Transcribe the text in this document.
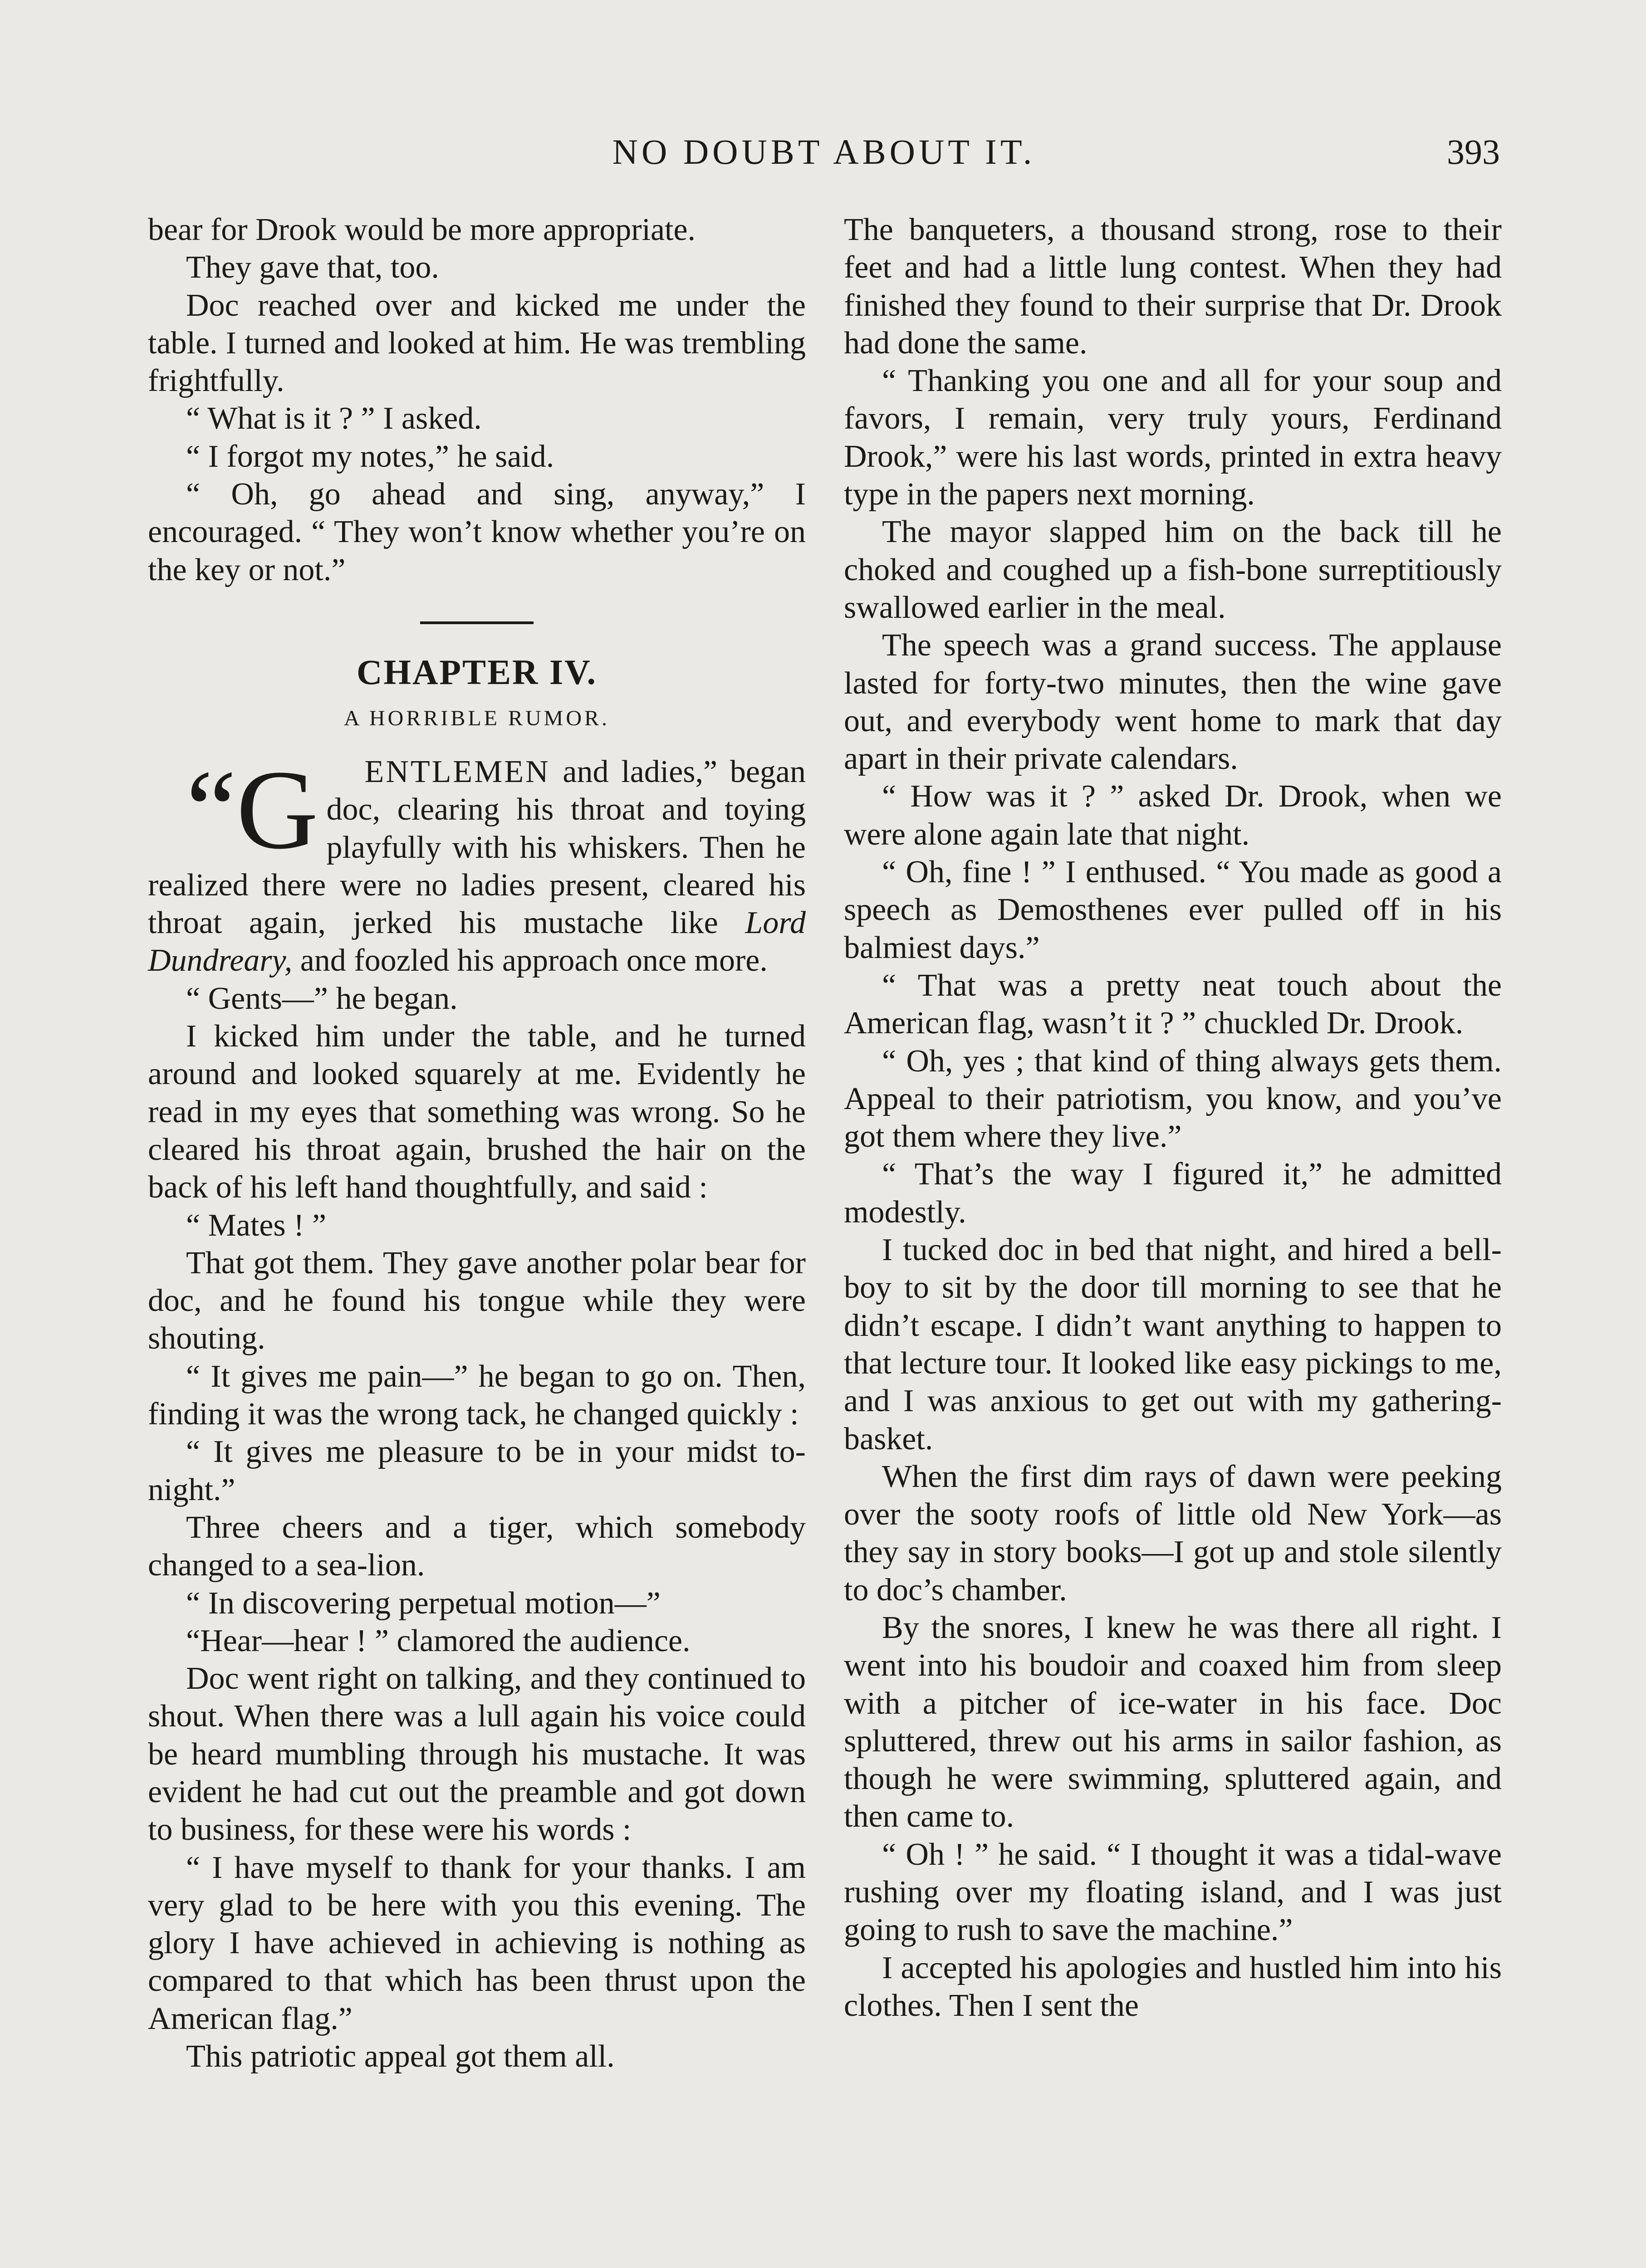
NO DOUBT ABOUT IT.	393

bear for Drook would be more appropriate.

They gave that, too.

Doc reached over and kicked me under the table. I turned and looked at him. He was trembling frightfully.

“ What is it ? ” I asked.

“ I forgot my notes,” he said.

“ Oh, go ahead and sing, anyway,” I encouraged. “ They won’t know whether you’re on the key or not.”

CHAPTER IV.
A HORRIBLE RUMOR.

“G ENTLEMEN and ladies,” began doc, clearing his throat and toying playfully with his whiskers. Then he realized there were no ladies present, cleared his throat again, jerked his mustache like Lord Dundreary, and foozled his approach once more.

“ Gents—” he began.

I kicked him under the table, and he turned around and looked squarely at me. Evidently he read in my eyes that something was wrong. So he cleared his throat again, brushed the hair on the back of his left hand thoughtfully, and said :

“ Mates ! ”

That got them. They gave another polar bear for doc, and he found his tongue while they were shouting.

“ It gives me pain—” he began to go on. Then, finding it was the wrong tack, he changed quickly :

“ It gives me pleasure to be in your midst to-night.”

Three cheers and a tiger, which somebody changed to a sea-lion.

“ In discovering perpetual motion—”

“Hear—hear ! ” clamored the audience.

Doc went right on talking, and they continued to shout. When there was a lull again his voice could be heard mumbling through his mustache. It was evident he had cut out the preamble and got down to business, for these were his words :

“ I have myself to thank for your thanks. I am very glad to be here with you this evening. The glory I have achieved in achieving is nothing as compared to that which has been thrust upon the American flag.”

This patriotic appeal got them all.

The banqueters, a thousand strong, rose to their feet and had a little lung contest. When they had finished they found to their surprise that Dr. Drook had done the same.

“ Thanking you one and all for your soup and favors, I remain, very truly yours, Ferdinand Drook,” were his last words, printed in extra heavy type in the papers next morning.

The mayor slapped him on the back till he choked and coughed up a fish-bone surreptitiously swallowed earlier in the meal.

The speech was a grand success. The applause lasted for forty-two minutes, then the wine gave out, and everybody went home to mark that day apart in their private calendars.

“ How was it ? ” asked Dr. Drook, when we were alone again late that night.

“ Oh, fine ! ” I enthused. “ You made as good a speech as Demosthenes ever pulled off in his balmiest days.”

“ That was a pretty neat touch about the American flag, wasn’t it ? ” chuckled Dr. Drook.

“ Oh, yes ; that kind of thing always gets them. Appeal to their patriotism, you know, and you’ve got them where they live.”

“ That’s the way I figured it,” he admitted modestly.

I tucked doc in bed that night, and hired a bell-boy to sit by the door till morning to see that he didn’t escape. I didn’t want anything to happen to that lecture tour. It looked like easy pickings to me, and I was anxious to get out with my gathering-basket.

When the first dim rays of dawn were peeking over the sooty roofs of little old New York—as they say in story books—I got up and stole silently to doc’s chamber.

By the snores, I knew he was there all right. I went into his boudoir and coaxed him from sleep with a pitcher of ice-water in his face. Doc spluttered, threw out his arms in sailor fashion, as though he were swimming, spluttered again, and then came to.

“ Oh ! ” he said. “ I thought it was a tidal-wave rushing over my floating island, and I was just going to rush to save the machine.”

I accepted his apologies and hustled him into his clothes. Then I sent the
